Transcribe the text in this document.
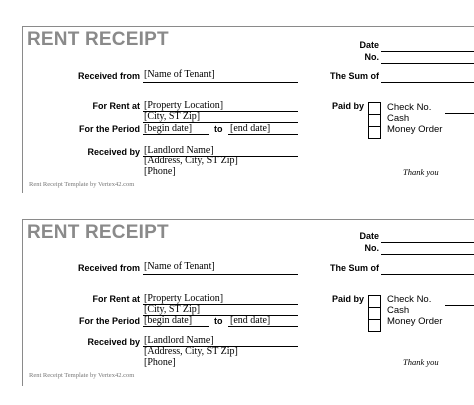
RENT RECEIPT	Date
No.
Received from [Name of Tenant]	The Sum of
For Rent at [Property Location]
[City, ST Zip]
For the Period [begin date] to [end date]
Paid by Check No.
Cash
Money Order
Received by [Landlord Name]
[Address, City, ST Zip]
[Phone]
Rent Receipt Template by Vertex42.com
Thank you
RENT RECEIPT	Date
No.
Received from [Name of Tenant]	The Sum of
For Rent at [Property Location]
[City, ST Zip]
For the Period [begin date] to [end date]
Paid by Check No.
Cash
Money Order
Received by [Landlord Name]
[Address, City, ST Zip]
[Phone]
Rent Receipt Template by Vertex42.com
Thank you
